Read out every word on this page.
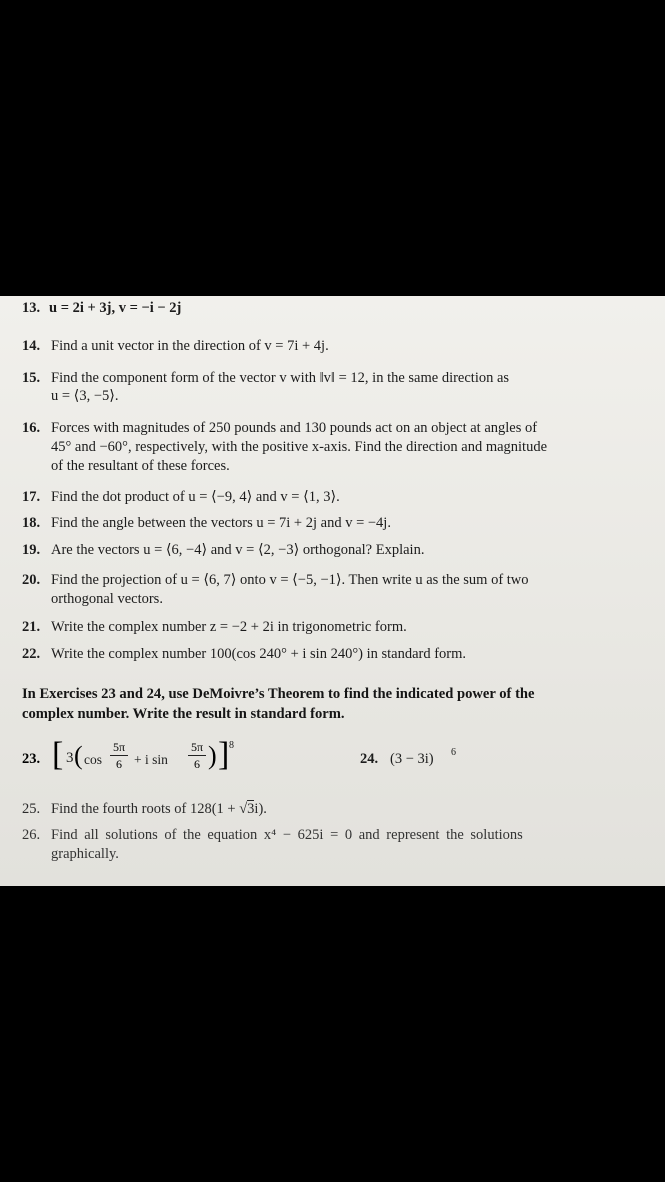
13. u = 2i + 3j, v = −i − 2j
14. Find a unit vector in the direction of v = 7i + 4j.
15. Find the component form of the vector v with ‖v‖ = 12, in the same direction as
u = ⟨3, −5⟩.
16. Forces with magnitudes of 250 pounds and 130 pounds act on an object at angles of
45° and −60°, respectively, with the positive x-axis. Find the direction and magnitude
of the resultant of these forces.
17. Find the dot product of u = ⟨−9, 4⟩ and v = ⟨1, 3⟩.
18. Find the angle between the vectors u = 7i + 2j and v = −4j.
19. Are the vectors u = ⟨6, −4⟩ and v = ⟨2, −3⟩ orthogonal? Explain.
20. Find the projection of u = ⟨6, 7⟩ onto v = ⟨−5, −1⟩. Then write u as the sum of two
orthogonal vectors.
21. Write the complex number z = −2 + 2i in trigonometric form.
22. Write the complex number 100(cos 240° + i sin 240°) in standard form.
In Exercises 23 and 24, use DeMoivre’s Theorem to find the indicated power of the
complex number. Write the result in standard form.
23. [ 3 ( cos
5π
6 + i sin
5π
6 ) ] 8
24. (3 − 3i) 6
25. Find the fourth roots of 128(1 + √3i).
26. Find all solutions of the equation x⁴ − 625i = 0 and represent the solutions
graphically.
